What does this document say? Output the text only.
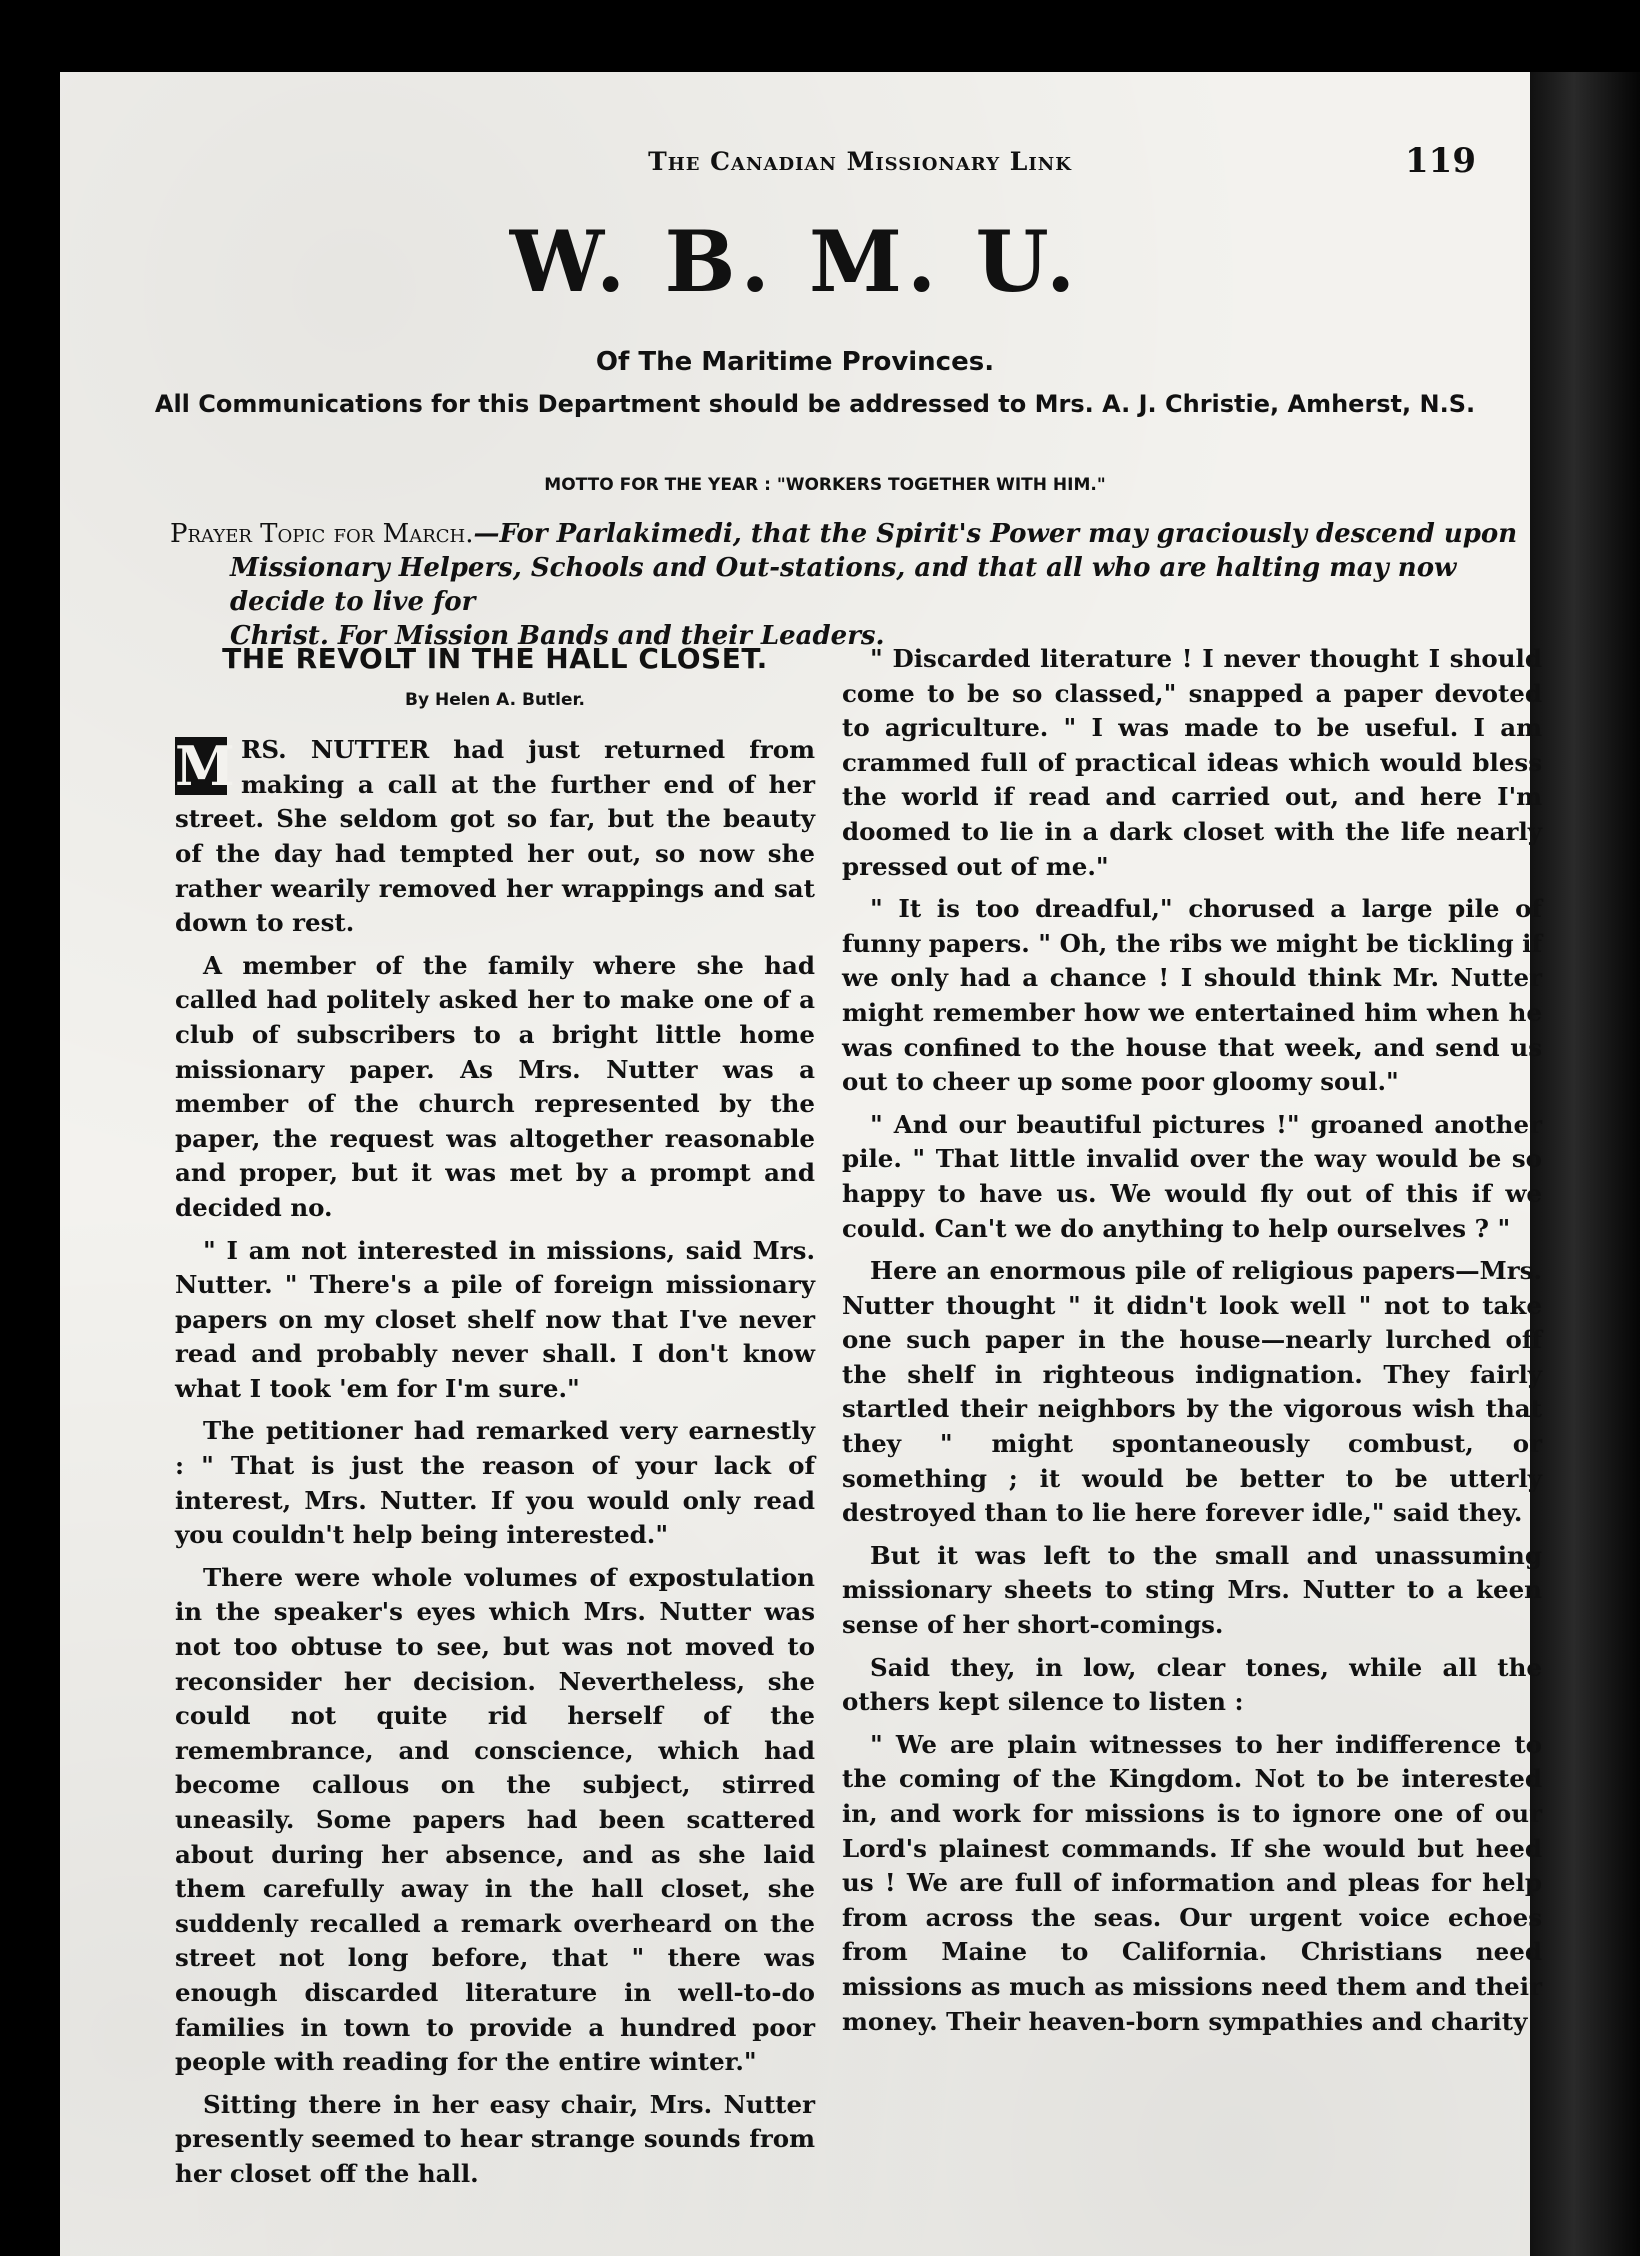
The Canadian Missionary Link	119
W. B. M. U.
Of The Maritime Provinces.
All Communications for this Department should be addressed to Mrs. A. J. Christie, Amherst, N.S.
MOTTO FOR THE YEAR : "WORKERS TOGETHER WITH HIM."
Prayer Topic for March.—For Parlakimedi, that the Spirit's Power may graciously descend upon
Missionary Helpers, Schools and Out-stations, and that all who are halting may now decide to live for
Christ. For Mission Bands and their Leaders.
THE REVOLT IN THE HALL CLOSET.
By Helen A. Butler.

M RS. NUTTER had just returned from making a call at the further end of her street. She seldom got so far, but the beauty of the day had tempted her out, so now she rather wearily removed her wrappings and sat down to rest.

A member of the family where she had called had politely asked her to make one of a club of subscribers to a bright little home missionary paper. As Mrs. Nutter was a member of the church represented by the paper, the request was altogether reasonable and proper, but it was met by a prompt and decided no.

" I am not interested in missions, said Mrs. Nutter. " There's a pile of foreign missionary papers on my closet shelf now that I've never read and probably never shall. I don't know what I took 'em for I'm sure."

The petitioner had remarked very earnestly : " That is just the reason of your lack of interest, Mrs. Nutter. If you would only read you couldn't help being interested."

There were whole volumes of expostulation in the speaker's eyes which Mrs. Nutter was not too obtuse to see, but was not moved to reconsider her decision. Nevertheless, she could not quite rid herself of the remembrance, and conscience, which had become callous on the subject, stirred uneasily. Some papers had been scattered about during her absence, and as she laid them carefully away in the hall closet, she suddenly recalled a remark overheard on the street not long before, that " there was enough discarded literature in well-to-do families in town to provide a hundred poor people with reading for the entire winter."

Sitting there in her easy chair, Mrs. Nutter presently seemed to hear strange sounds from her closet off the hall.

" Discarded literature ! I never thought I should come to be so classed," snapped a paper devoted to agriculture. " I was made to be useful. I am crammed full of practical ideas which would bless the world if read and carried out, and here I'm doomed to lie in a dark closet with the life nearly pressed out of me."

" It is too dreadful," chorused a large pile of funny papers. " Oh, the ribs we might be tickling if we only had a chance ! I should think Mr. Nutter might remember how we entertained him when he was confined to the house that week, and send us out to cheer up some poor gloomy soul."

" And our beautiful pictures !" groaned another pile. " That little invalid over the way would be so happy to have us. We would fly out of this if we could. Can't we do anything to help ourselves ? "

Here an enormous pile of religious papers—Mrs. Nutter thought " it didn't look well " not to take one such paper in the house—nearly lurched off the shelf in righteous indignation. They fairly startled their neighbors by the vigorous wish that they " might spontaneously combust, or something ; it would be better to be utterly destroyed than to lie here forever idle," said they.

But it was left to the small and unassuming missionary sheets to sting Mrs. Nutter to a keen sense of her short-comings.

Said they, in low, clear tones, while all the others kept silence to listen :

" We are plain witnesses to her indifference to the coming of the Kingdom. Not to be interested in, and work for missions is to ignore one of our Lord's plainest commands. If she would but heed us ! We are full of information and pleas for help from across the seas. Our urgent voice echoes from Maine to California. Christians need missions as much as missions need them and their money. Their heaven-born sympathies and charity
